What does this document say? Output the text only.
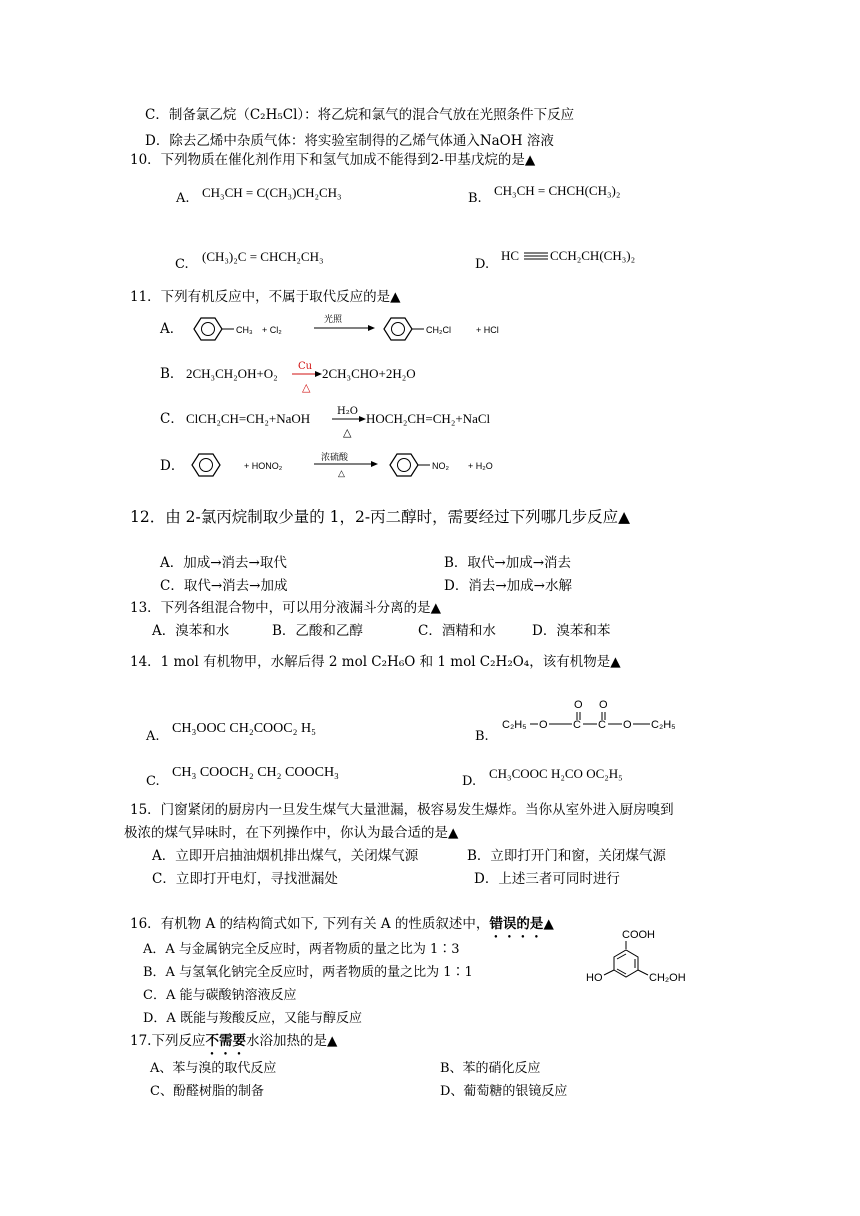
C．制备氯乙烷（C₂H₅Cl）：将乙烷和氯气的混合气放在光照条件下反应
D．除去乙烯中杂质气体：将实验室制得的乙烯气体通入NaOH 溶液
10．下列物质在催化剂作用下和氢气加成不能得到2-甲基戊烷的是▲
A. CH₃CH = C(CH₃)CH₂CH₃	B.
CH₃CH = CHCH(CH₃)₂
C.
(CH₃)₂C = CHCH₂CH₃
D.
HC CCH₂CH(CH₃)₂
11．下列有机反应中，不属于取代反应的是▲
A．	CH₃ + Cl₂
光照
CH₂Cl	+ HCl
B． 2CH₃CH₂OH+O₂ Cu
△
2CH₃CHO+2H₂O
C． ClCH₂CH=CH₂+NaOH	H₂O
△
HOCH₂CH=CH₂+NaCl
D．	+ HONO₂
浓硫酸
△
NO₂ + H₂O
12．由 2-氯丙烷制取少量的 1，2-丙二醇时，需要经过下列哪几步反应▲
A．加成→消去→取代	B．取代→加成→消去
C．取代→消去→加成	D．消去→加成→水解
13．下列各组混合物中，可以用分液漏斗分离的是▲
A．溴苯和水	B．乙酸和乙醇	C．酒精和水	D．溴苯和苯
14．1 mol 有机物甲，水解后得 2 mol C₂H₆O 和 1 mol C₂H₂O₄，该有机物是▲
A.
CH₃OOC CH₂COOC₂ H₅
B.
C₂H₅ O C
O
C
O
O C₂H₅
C.
CH₃ COOCH₂ CH₂ COOCH₃
D.
CH₃COOC H₂CO OC₂H₅
15．门窗紧闭的厨房内一旦发生煤气大量泄漏，极容易发生爆炸。当你从室外进入厨房嗅到
极浓的煤气异味时，在下列操作中，你认为最合适的是▲
A．立即开启抽油烟机排出煤气，关闭煤气源	B．立即打开门和窗，关闭煤气源
C．立即打开电灯，寻找泄漏处	D．上述三者可同时进行
16．有机物 A 的结构简式如下, 下列有关 A 的性质叙述中，错误的是▲
A．A 与金属钠完全反应时，两者物质的量之比为 1∶3
B．A 与氢氧化钠完全反应时，两者物质的量之比为 1∶1
C．A 能与碳酸钠溶液反应
D．A 既能与羧酸反应，又能与醇反应
COOH
HO	CH₂OH
17.下列反应不需要水浴加热的是▲
A、苯与溴的取代反应	B、苯的硝化反应
C、酚醛树脂的制备	D、葡萄糖的银镜反应
